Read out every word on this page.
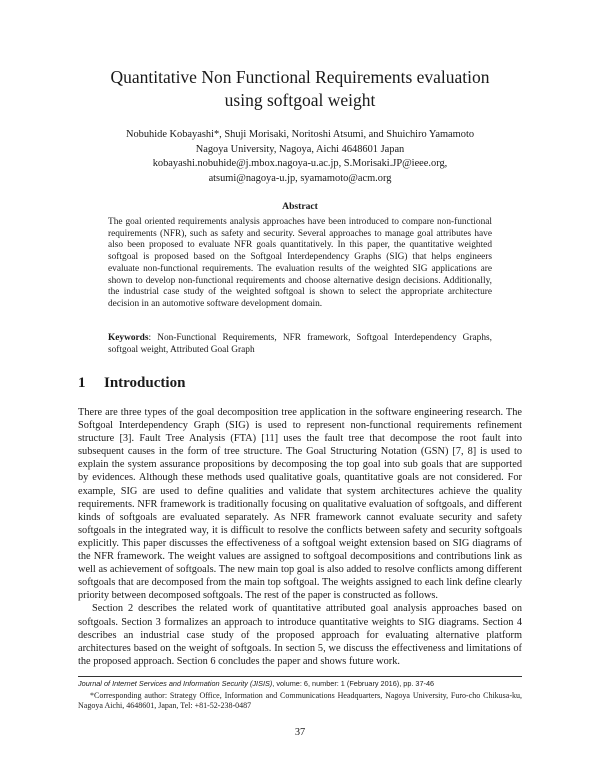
Quantitative Non Functional Requirements evaluation
using softgoal weight
Nobuhide Kobayashi*, Shuji Morisaki, Noritoshi Atsumi, and Shuichiro Yamamoto
Nagoya University, Nagoya, Aichi 4648601 Japan
kobayashi.nobuhide@j.mbox.nagoya-u.ac.jp, S.Morisaki.JP@ieee.org,
atsumi@nagoya-u.jp, syamamoto@acm.org
Abstract
The goal oriented requirements analysis approaches have been introduced to compare non-functional requirements (NFR), such as safety and security. Several approaches to manage goal attributes have also been proposed to evaluate NFR goals quantitatively. In this paper, the quantitative weighted softgoal is proposed based on the Softgoal Interdependency Graphs (SIG) that helps engineers evaluate non-functional requirements. The evaluation results of the weighted SIG applications are shown to develop non-functional requirements and choose alternative design decisions. Additionally, the industrial case study of the weighted softgoal is shown to select the appropriate architecture decision in an automotive software development domain.
Keywords: Non-Functional Requirements, NFR framework, Softgoal Interdependency Graphs, softgoal weight, Attributed Goal Graph
1 Introduction

There are three types of the goal decomposition tree application in the software engineering research. The Softgoal Interdependency Graph (SIG) is used to represent non-functional requirements refinement structure [3]. Fault Tree Analysis (FTA) [11] uses the fault tree that decompose the root fault into subsequent causes in the form of tree structure. The Goal Structuring Notation (GSN) [7, 8] is used to explain the system assurance propositions by decomposing the top goal into sub goals that are supported by evidences. Although these methods used qualitative goals, quantitative goals are not considered. For example, SIG are used to define qualities and validate that system architectures achieve the quality requirements. NFR framework is traditionally focusing on qualitative evaluation of softgoals, and different kinds of softgoals are evaluated separately. As NFR framework cannot evaluate security and safety softgoals in the integrated way, it is difficult to resolve the conflicts between safety and security softgoals explicitly. This paper discusses the effectiveness of a softgoal weight extension based on SIG diagrams of the NFR framework. The weight values are assigned to softgoal decompositions and contributions link as well as achievement of softgoals. The new main top goal is also added to resolve conflicts among different softgoals that are decomposed from the main top softgoal. The weights assigned to each link define clearly priority between decomposed softgoals. The rest of the paper is constructed as follows.

Section 2 describes the related work of quantitative attributed goal analysis approaches based on softgoals. Section 3 formalizes an approach to introduce quantitative weights to SIG diagrams. Section 4 describes an industrial case study of the proposed approach for evaluating alternative platform architectures based on the weight of softgoals. In section 5, we discuss the effectiveness and limitations of the proposed approach. Section 6 concludes the paper and shows future work.

Journal of Internet Services and Information Security (JISIS), volume: 6, number: 1 (February 2016), pp. 37-46
*Corresponding author: Strategy Office, Information and Communications Headquarters, Nagoya University, Furo-cho Chikusa-ku, Nagoya Aichi, 4648601, Japan, Tel: +81-52-238-0487
37
